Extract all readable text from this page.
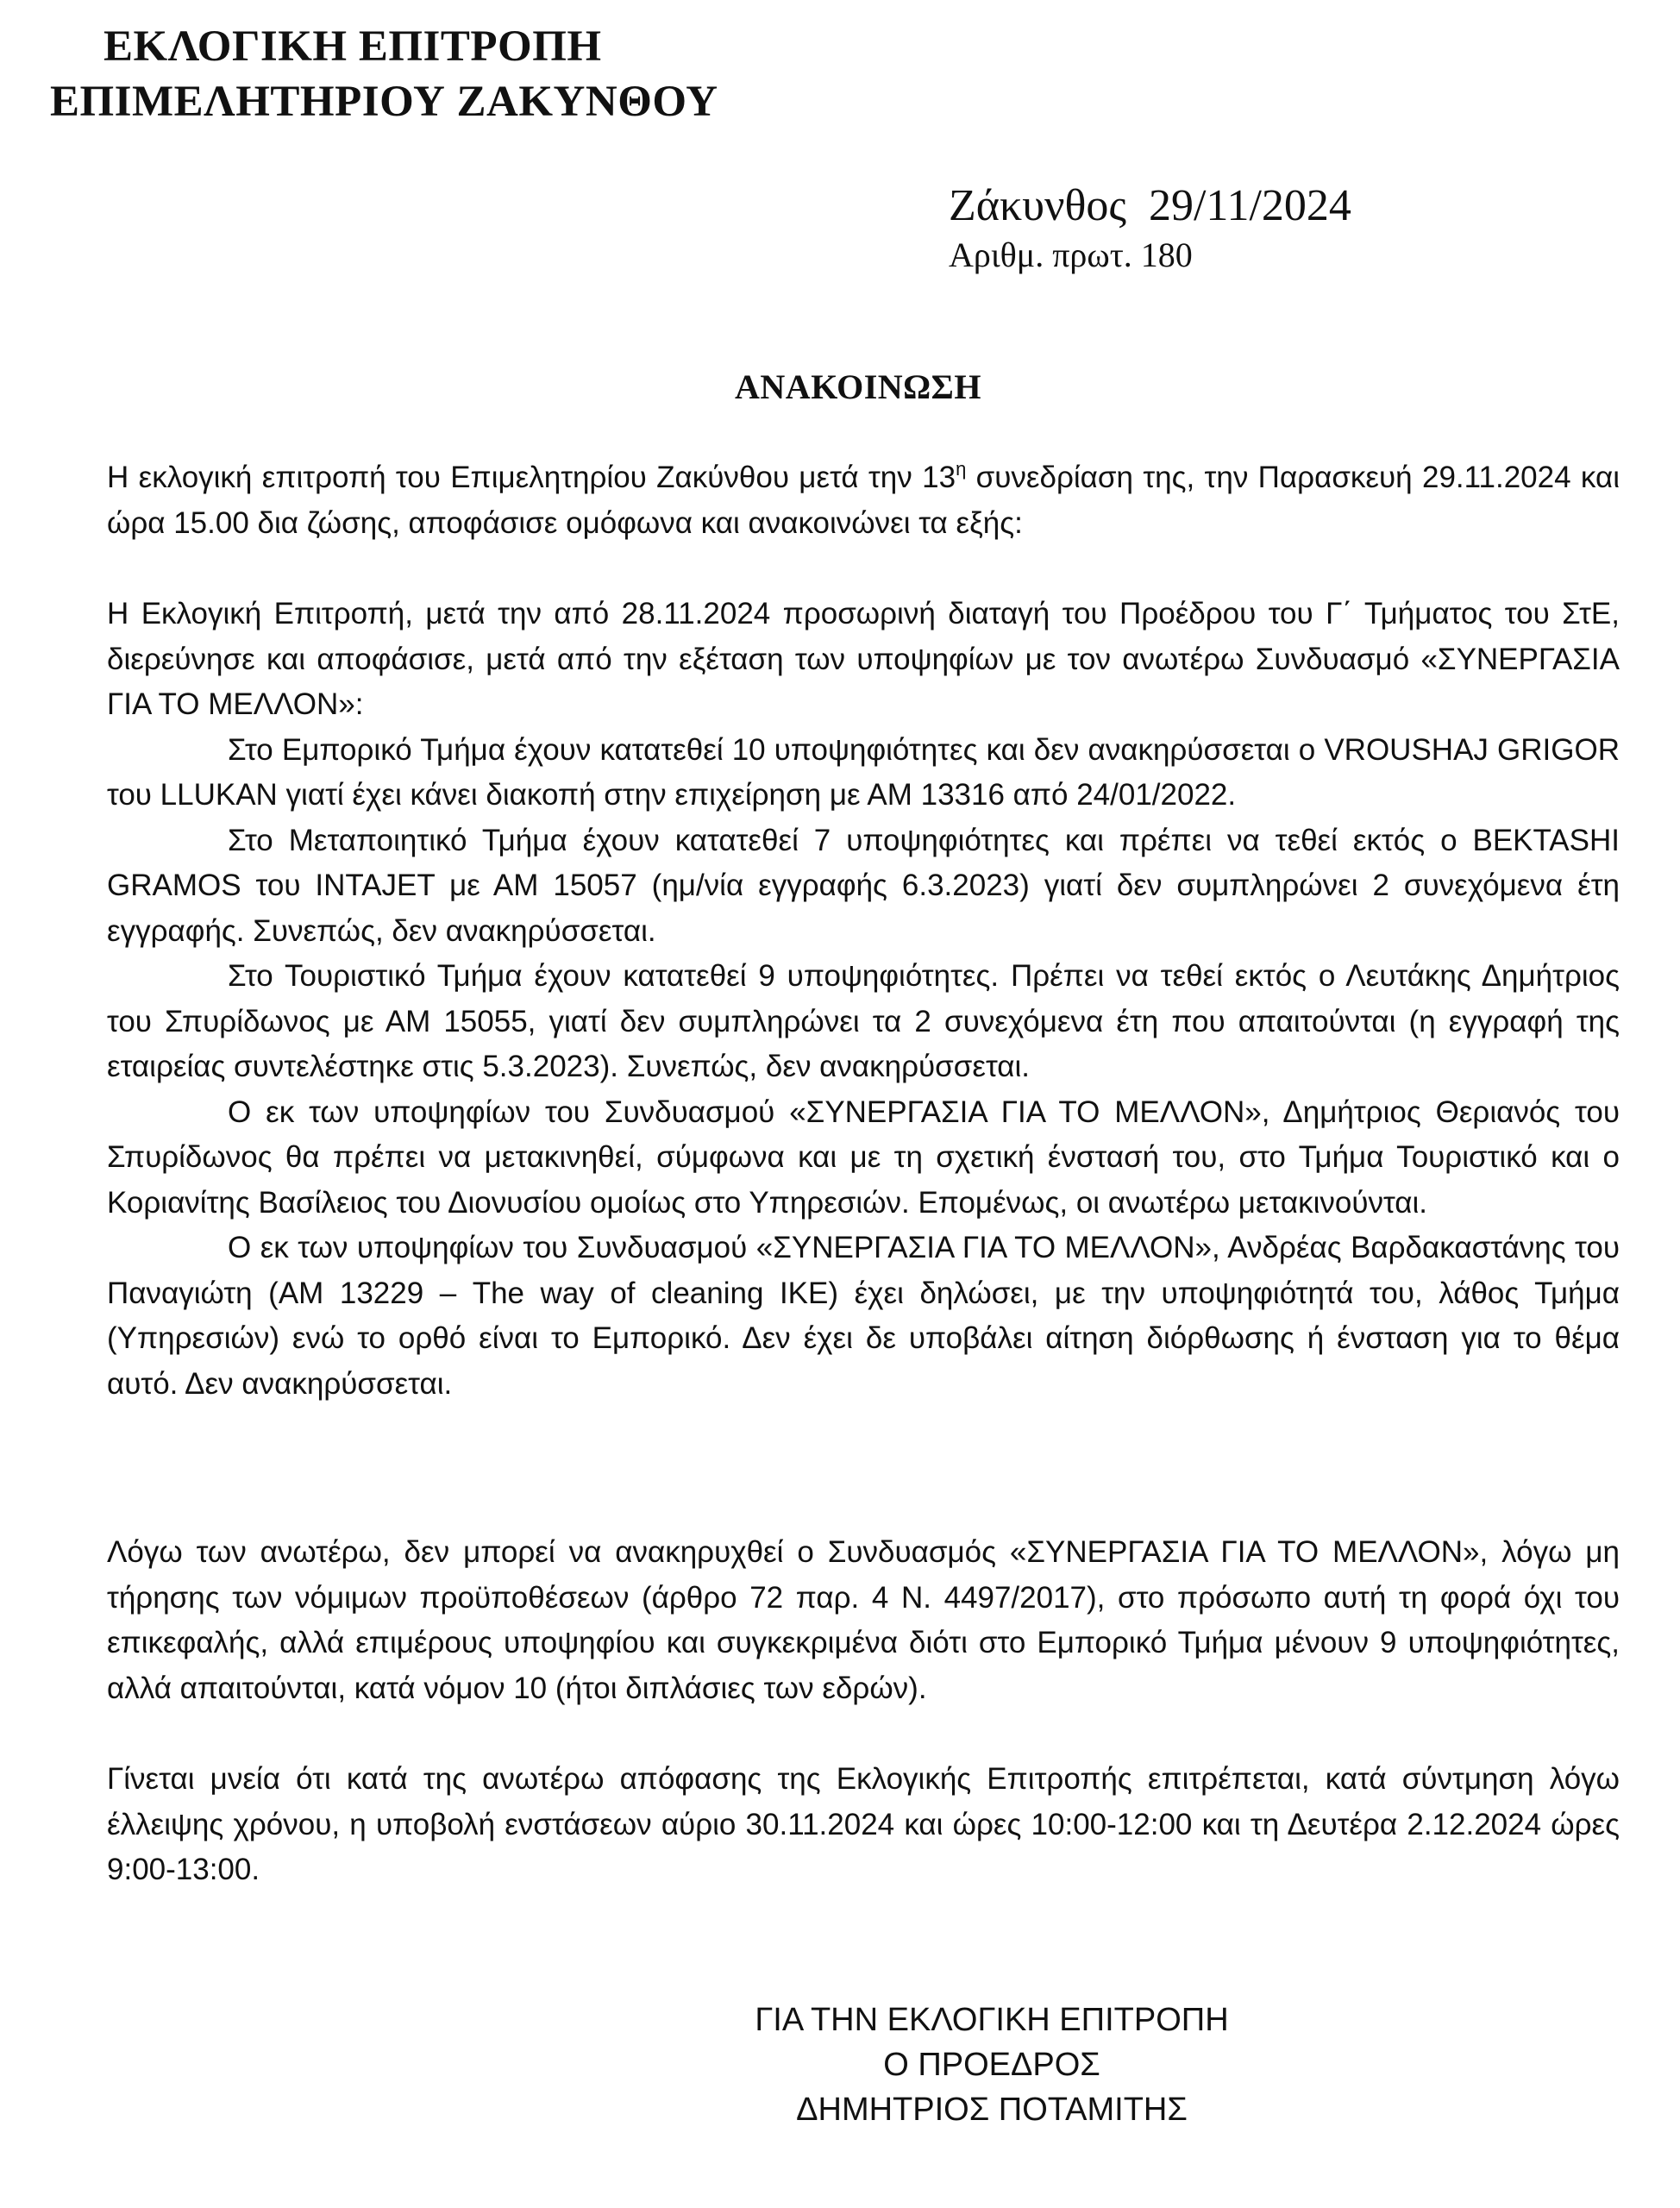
ΕΚΛΟΓΙΚΗ ΕΠΙΤΡΟΠΗ
ΕΠΙΜΕΛΗΤΗΡΙΟΥ ΖΑΚΥΝΘΟΥ
Ζάκυνθος  29/11/2024
Αριθμ. πρωτ. 180
ΑΝΑΚΟΙΝΩΣΗ

Η εκλογική επιτροπή του Επιμελητηρίου Ζακύνθου μετά την $13^\eta$ συνεδρίαση της, την Παρασκευή 29.11.2024 και ώρα 15.00 δια ζώσης, αποφάσισε ομόφωνα και ανακοινώνει τα εξής:

Η Εκλογική Επιτροπή, μετά την από 28.11.2024 προσωρινή διαταγή του Προέδρου του Γ΄ Τμήματος του ΣτΕ, διερεύνησε και αποφάσισε, μετά από την εξέταση των υποψηφίων με τον ανωτέρω Συνδυασμό «ΣΥΝΕΡΓΑΣΙΑ ΓΙΑ ΤΟ ΜΕΛΛΟΝ»:

Στο Εμπορικό Τμήμα έχουν κατατεθεί 10 υποψηφιότητες και δεν ανακηρύσσεται ο VROUSHAJ GRIGOR του LLUKAN γιατί έχει κάνει διακοπή στην επιχείρηση με ΑΜ 13316 από 24/01/2022.

Στο Μεταποιητικό Τμήμα έχουν κατατεθεί 7 υποψηφιότητες και πρέπει να τεθεί εκτός ο BEKTASHI GRAMOS του INTAJET με ΑΜ 15057 (ημ/νία εγγραφής 6.3.2023) γιατί δεν συμπληρώνει 2 συνεχόμενα έτη εγγραφής. Συνεπώς, δεν ανακηρύσσεται.

Στο Τουριστικό Τμήμα έχουν κατατεθεί 9 υποψηφιότητες. Πρέπει να τεθεί εκτός ο Λευτάκης Δημήτριος του Σπυρίδωνος με ΑΜ 15055, γιατί δεν συμπληρώνει τα 2 συνεχόμενα έτη που απαιτούνται (η εγγραφή της εταιρείας συντελέστηκε στις 5.3.2023). Συνεπώς, δεν ανακηρύσσεται.

Ο εκ των υποψηφίων του Συνδυασμού «ΣΥΝΕΡΓΑΣΙΑ ΓΙΑ ΤΟ ΜΕΛΛΟΝ», Δημήτριος Θεριανός του Σπυρίδωνος θα πρέπει να μετακινηθεί, σύμφωνα και με τη σχετική ένστασή του, στο Τμήμα Τουριστικό και ο Κοριανίτης Βασίλειος του Διονυσίου ομοίως στο Υπηρεσιών. Επομένως, οι ανωτέρω μετακινούνται.

Ο εκ των υποψηφίων του Συνδυασμού «ΣΥΝΕΡΓΑΣΙΑ ΓΙΑ ΤΟ ΜΕΛΛΟΝ», Ανδρέας Βαρδακαστάνης του Παναγιώτη (ΑΜ 13229 – The way of cleaning IKE) έχει δηλώσει, με την υποψηφιότητά του, λάθος Τμήμα (Υπηρεσιών) ενώ το ορθό είναι το Εμπορικό. Δεν έχει δε υποβάλει αίτηση διόρθωσης ή ένσταση για το θέμα αυτό. Δεν ανακηρύσσεται.

Λόγω των ανωτέρω, δεν μπορεί να ανακηρυχθεί ο Συνδυασμός «ΣΥΝΕΡΓΑΣΙΑ ΓΙΑ ΤΟ ΜΕΛΛΟΝ», λόγω μη τήρησης των νόμιμων προϋποθέσεων (άρθρο 72 παρ. 4 Ν. 4497/2017), στο πρόσωπο αυτή τη φορά όχι του επικεφαλής, αλλά επιμέρους υποψηφίου και συγκεκριμένα διότι στο Εμπορικό Τμήμα μένουν 9 υποψηφιότητες, αλλά απαιτούνται, κατά νόμον 10 (ήτοι διπλάσιες των εδρών).

Γίνεται μνεία ότι κατά της ανωτέρω απόφασης της Εκλογικής Επιτροπής επιτρέπεται, κατά σύντμηση λόγω έλλειψης χρόνου, η υποβολή ενστάσεων αύριο 30.11.2024 και ώρες 10:00-12:00 και τη Δευτέρα 2.12.2024 ώρες 9:00-13:00.

ΓΙΑ ΤΗΝ ΕΚΛΟΓΙΚΗ ΕΠΙΤΡΟΠΗ
Ο ΠΡΟΕΔΡΟΣ
ΔΗΜΗΤΡΙΟΣ ΠΟΤΑΜΙΤΗΣ
